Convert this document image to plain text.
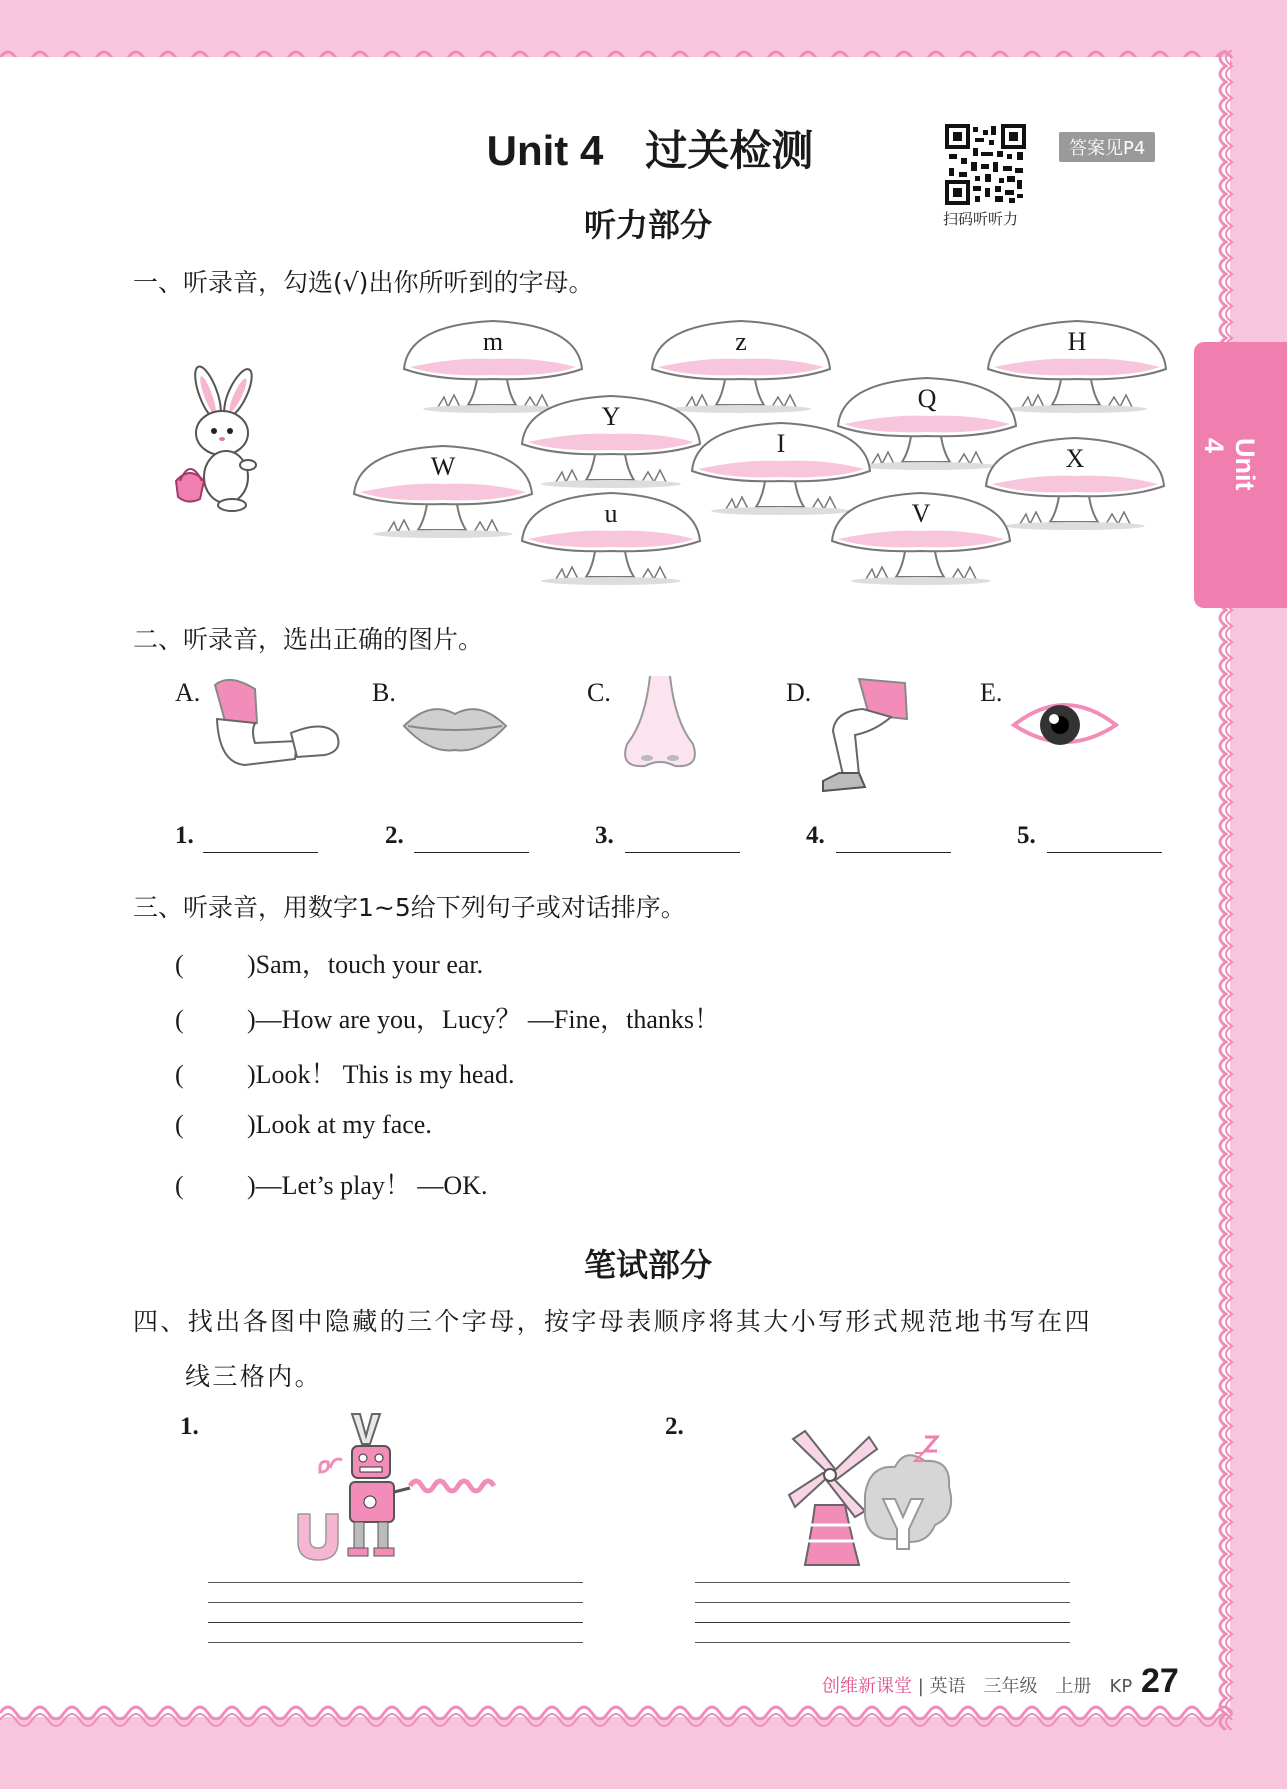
Unit 4
Unit 4　过关检测
扫码听听力
答案见P4
听力部分
一、听录音，勾选(√)出你所听到的字母。
m	z	H
Y
Q
W
I
X
u	V
二、听录音，选出正确的图片。
A.	B.	C.	D.	E.
1.	2.	3.	4.	5.
三、听录音，用数字1~5给下列句子或对话排序。
( )Sam，touch your ear.
( )—How are you，Lucy？ —Fine，thanks！
( )Look！ This is my head.
( )Look at my face.
( )—Let’s play！ —OK.
笔试部分
四、找出各图中隐藏的三个字母，按字母表顺序将其大小写形式规范地书写在四
线三格内。
1.	2.
创维新课堂 | 英语　三年级　上册　KP 27
